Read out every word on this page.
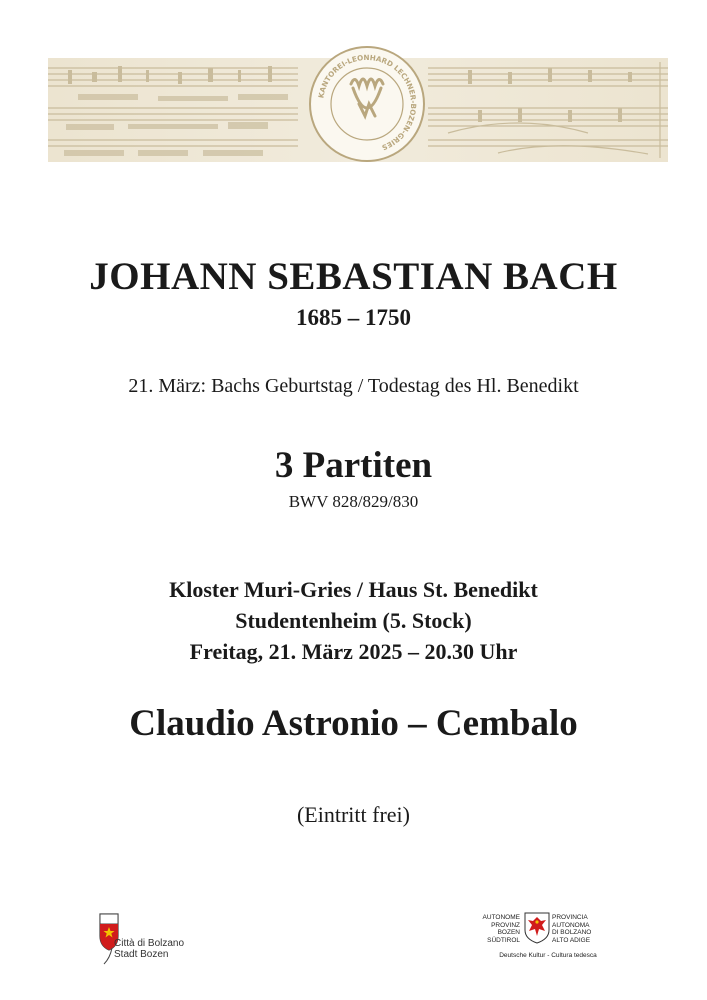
KANTOREI-LEONHARD LECHNER-BOZEN-GRIES
JOHANN SEBASTIAN BACH
1685 – 1750
21. März: Bachs Geburtstag / Todestag des Hl. Benedikt
3 Partiten
BWV 828/829/830
Kloster Muri-Gries / Haus St. Benedikt
Studentenheim (5. Stock)
Freitag, 21. März 2025 – 20.30 Uhr
Claudio Astronio – Cembalo
(Eintritt frei)
Città di Bolzano
Stadt Bozen
AUTONOME
PROVINZ
BOZEN
SÜDTIROL
PROVINCIA
AUTONOMA
DI BOLZANO
ALTO ADIGE
Deutsche Kultur - Cultura tedesca
